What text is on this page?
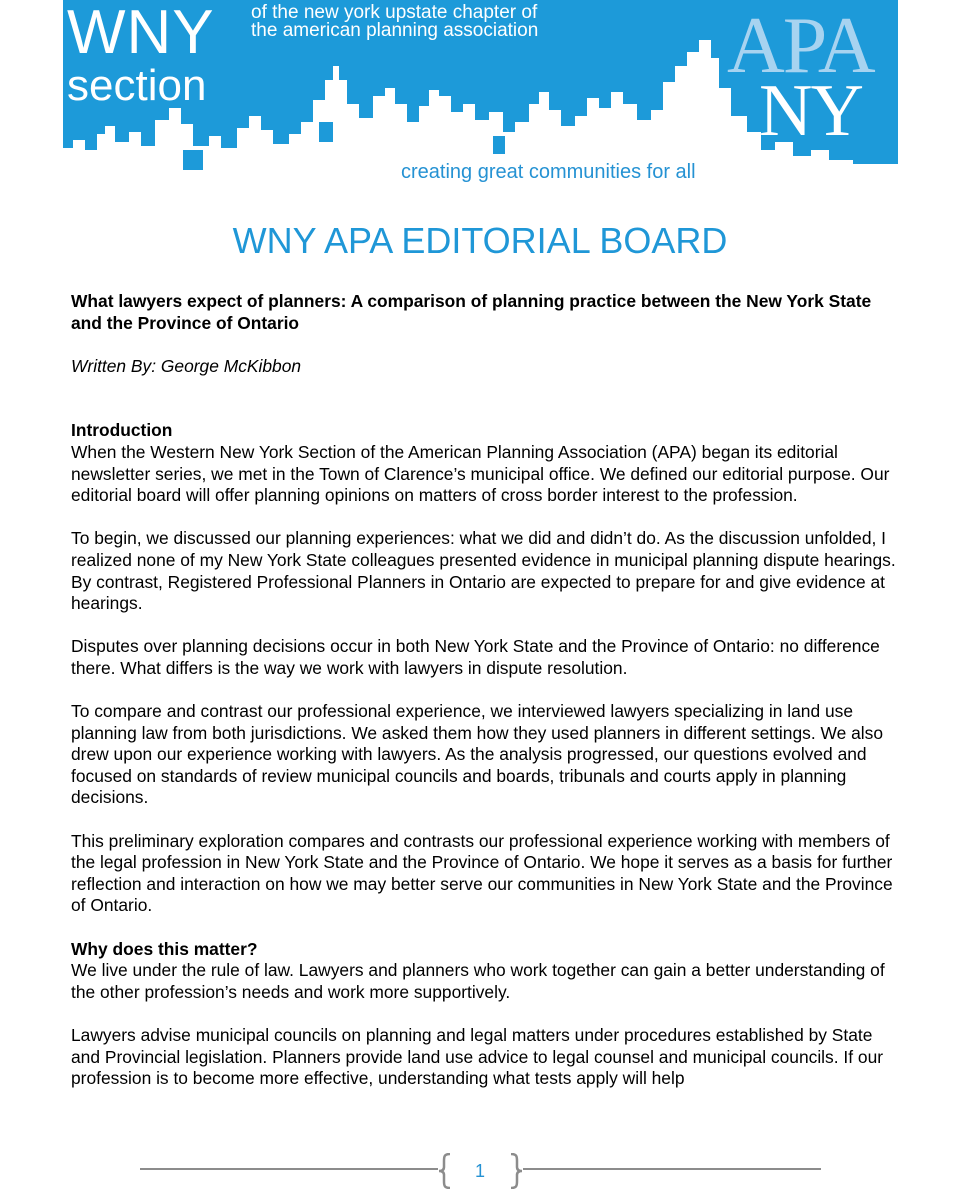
WNY
section
of the new york upstate chapter of
the american planning association APA
NY
creating great communities for all
WNY APA EDITORIAL BOARD

What lawyers expect of planners: A comparison of planning practice between the New York State and the Province of Ontario

Written By: George McKibbon

Introduction
When the Western New York Section of the American Planning Association (APA) began its editorial newsletter series, we met in the Town of Clarence’s municipal office. We defined our editorial purpose. Our editorial board will offer planning opinions on matters of cross border interest to the profession.

To begin, we discussed our planning experiences: what we did and didn’t do. As the discussion unfolded, I realized none of my New York State colleagues presented evidence in municipal planning dispute hearings. By contrast, Registered Professional Planners in Ontario are expected to prepare for and give evidence at hearings.

Disputes over planning decisions occur in both New York State and the Province of Ontario: no difference there. What differs is the way we work with lawyers in dispute resolution.

To compare and contrast our professional experience, we interviewed lawyers specializing in land use planning law from both jurisdictions. We asked them how they used planners in different settings. We also drew upon our experience working with lawyers. As the analysis progressed, our questions evolved and focused on standards of review municipal councils and boards, tribunals and courts apply in planning decisions.

This preliminary exploration compares and contrasts our professional experience working with members of the legal profession in New York State and the Province of Ontario. We hope it serves as a basis for further reflection and interaction on how we may better serve our communities in New York State and the Province of Ontario.

Why does this matter?
We live under the rule of law. Lawyers and planners who work together can gain a better understanding of the other profession’s needs and work more supportively.

Lawyers advise municipal councils on planning and legal matters under procedures established by State and Provincial legislation. Planners provide land use advice to legal counsel and municipal councils. If our profession is to become more effective, understanding what tests apply will help

1
